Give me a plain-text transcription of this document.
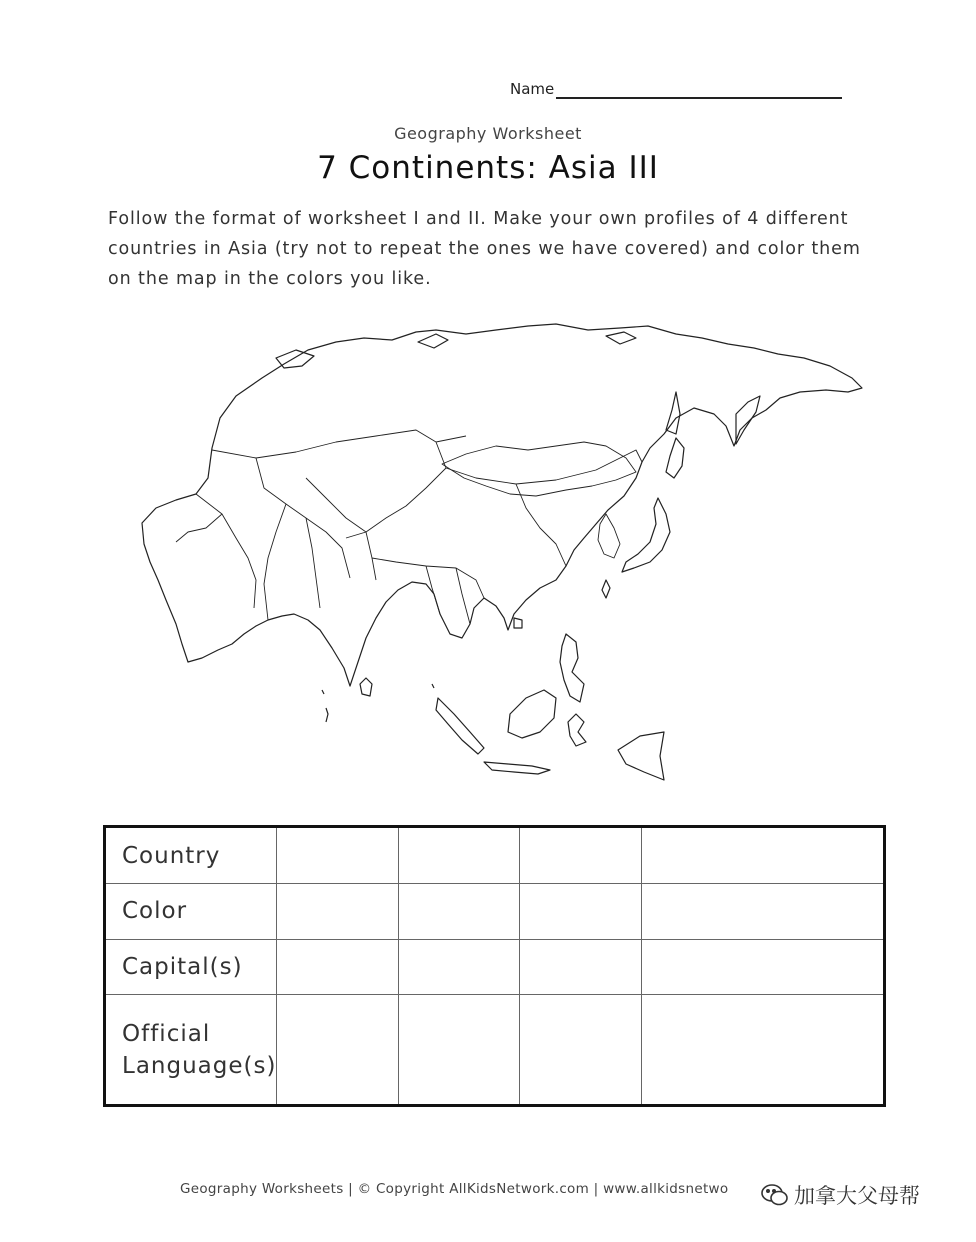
Name
Geography Worksheet
7 Continents: Asia III
Follow the format of worksheet I and II. Make your own profiles of 4 different countries in Asia (try not to repeat the ones we have covered) and color them on the map in the colors you like.
Country				
Color				
Capital(s)				
Official Language(s)				
Geography Worksheets | © Copyright AllKidsNetwork.com | www.allkidsnetwo	加拿大父母帮
